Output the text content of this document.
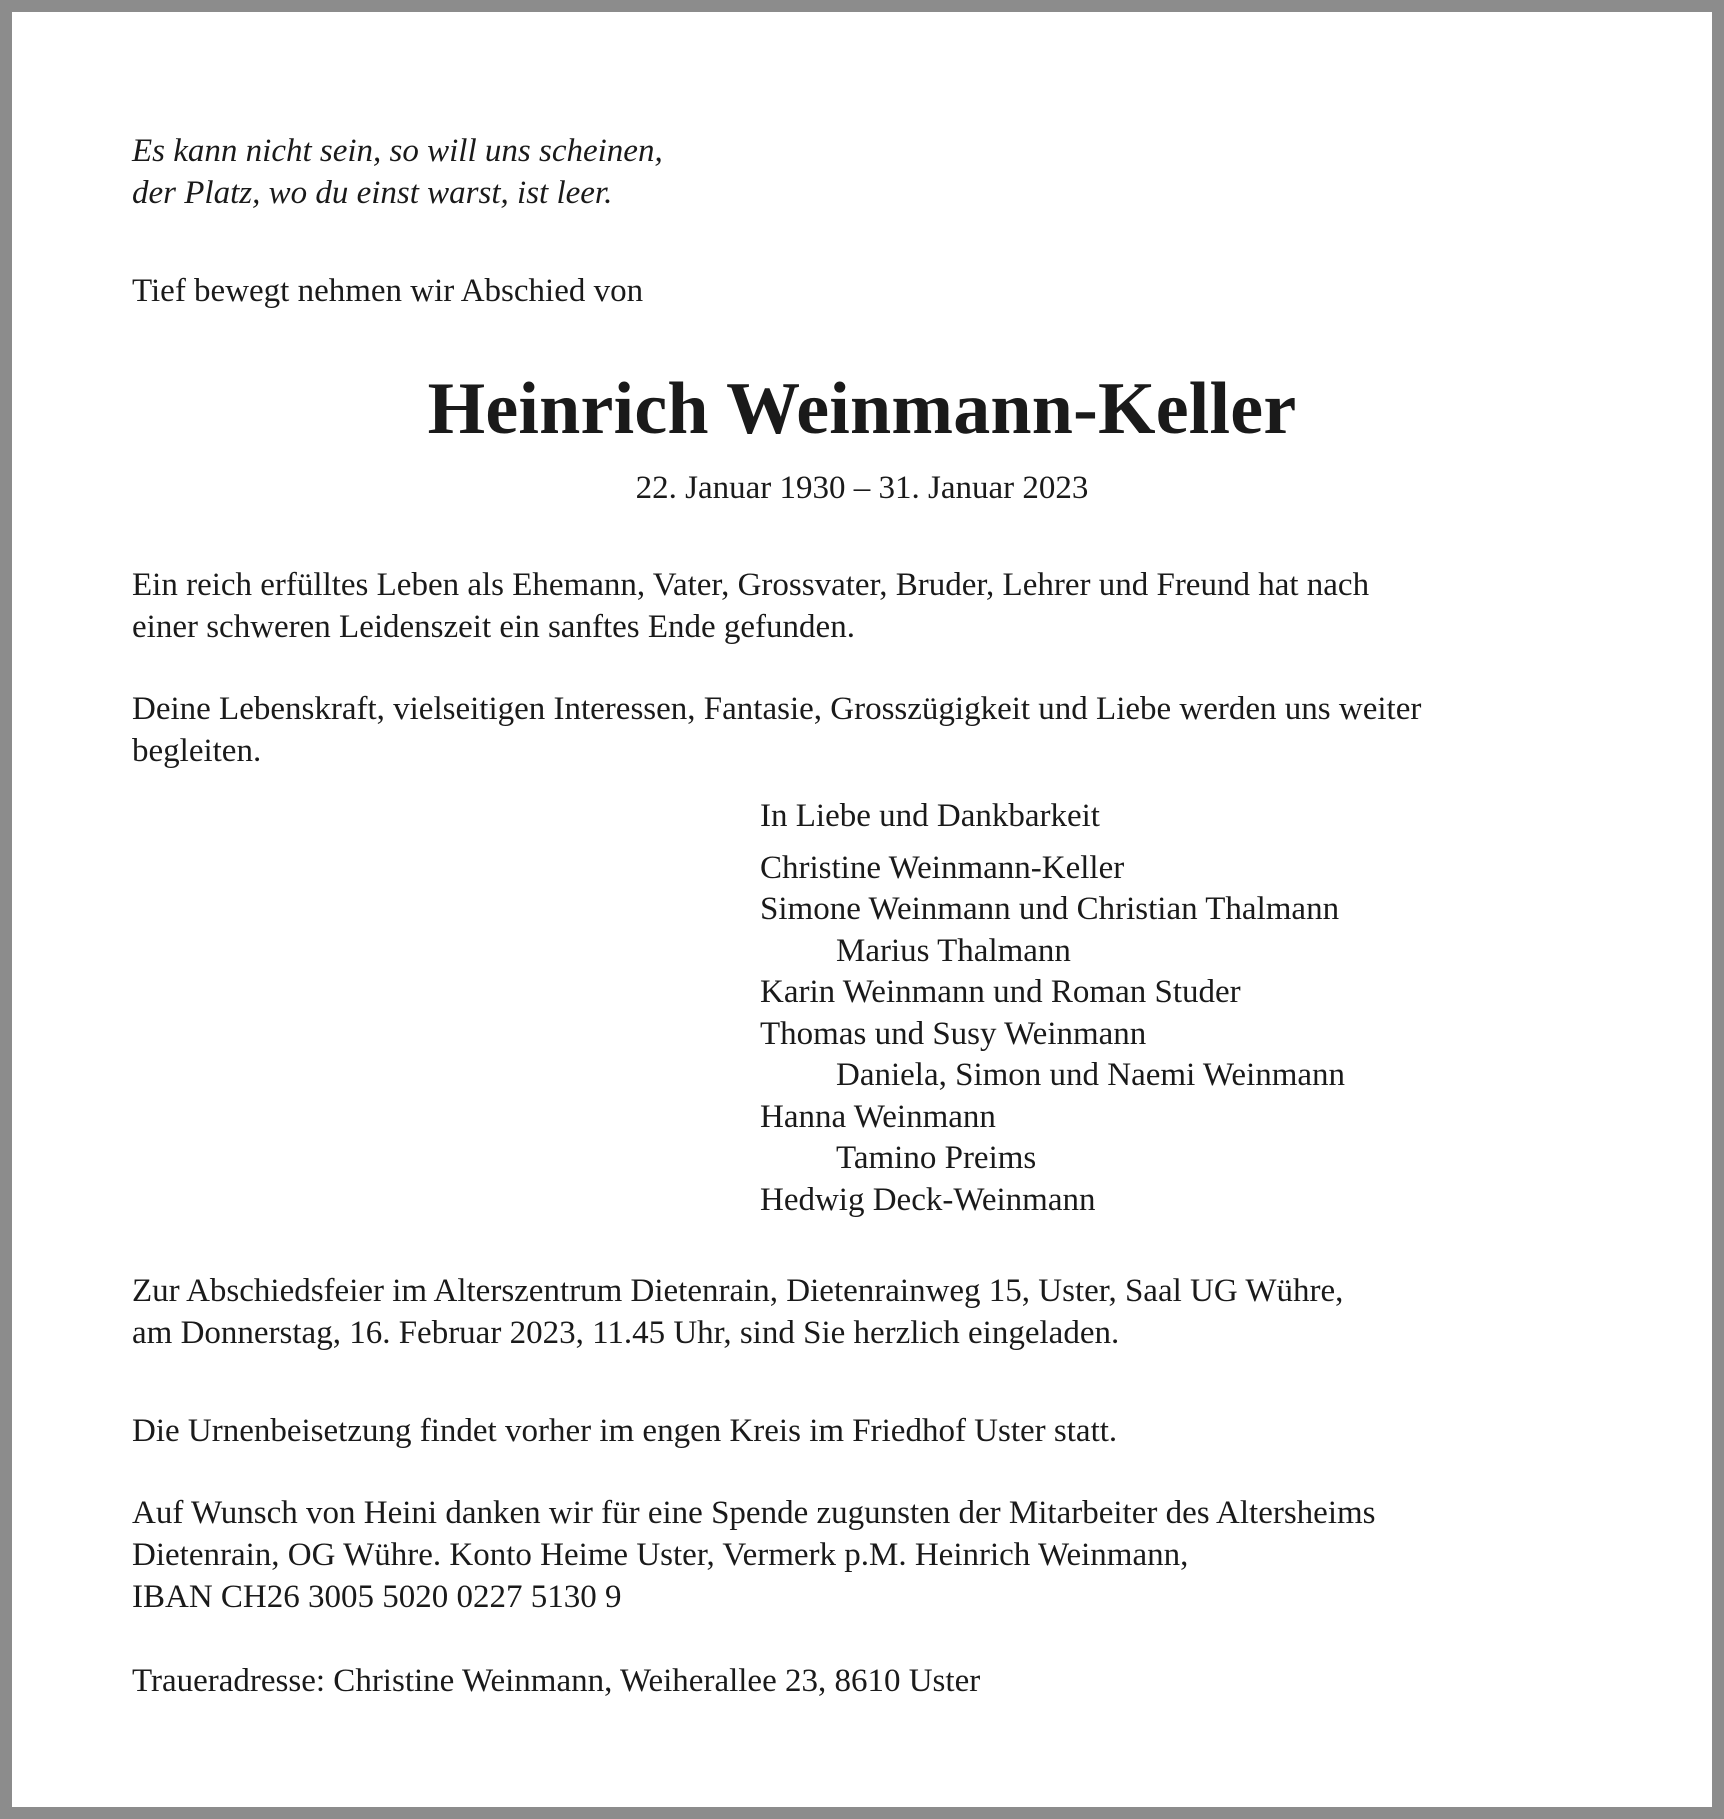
Es kann nicht sein, so will uns scheinen,
der Platz, wo du einst warst, ist leer.
Tief bewegt nehmen wir Abschied von
Heinrich Weinmann-Keller
22. Januar 1930 – 31. Januar 2023
Ein reich erfülltes Leben als Ehemann, Vater, Grossvater, Bruder, Lehrer und Freund hat nach
einer schweren Leidenszeit ein sanftes Ende gefunden.
Deine Lebenskraft, vielseitigen Interessen, Fantasie, Grosszügigkeit und Liebe werden uns weiter
begleiten.
In Liebe und Dankbarkeit
Christine Weinmann-Keller
Simone Weinmann und Christian Thalmann
Marius Thalmann
Karin Weinmann und Roman Studer
Thomas und Susy Weinmann
Daniela, Simon und Naemi Weinmann
Hanna Weinmann
Tamino Preims
Hedwig Deck-Weinmann
Zur Abschiedsfeier im Alterszentrum Dietenrain, Dietenrainweg 15, Uster, Saal UG Wühre,
am Donnerstag, 16. Februar 2023, 11.45 Uhr, sind Sie herzlich eingeladen.
Die Urnenbeisetzung findet vorher im engen Kreis im Friedhof Uster statt.
Auf Wunsch von Heini danken wir für eine Spende zugunsten der Mitarbeiter des Altersheims
Dietenrain, OG Wühre. Konto Heime Uster, Vermerk p.M. Heinrich Weinmann,
IBAN CH26 3005 5020 0227 5130 9
Traueradresse: Christine Weinmann, Weiherallee 23, 8610 Uster
